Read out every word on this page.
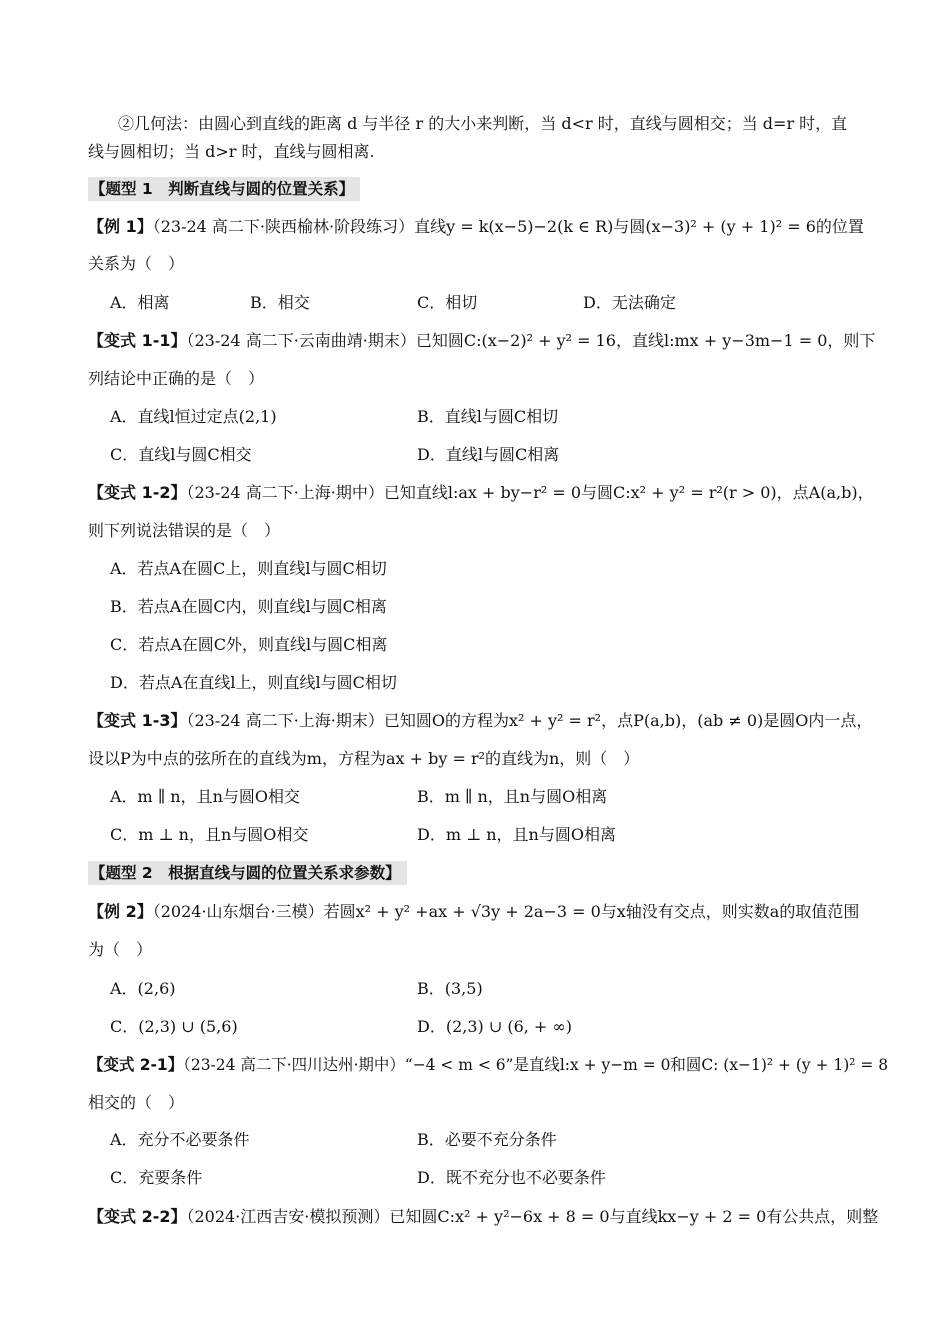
②几何法：由圆心到直线的距离 d 与半径 r 的大小来判断，当 d<r 时，直线与圆相交；当 d=r 时，直
线与圆相切；当 d>r 时，直线与圆相离.
【题型 1　判断直线与圆的位置关系】
【例 1】（23-24 高二下·陕西榆林·阶段练习）直线y = k(x−5)−2(k ∈ R)与圆(x−3)² + (y + 1)² = 6的位置
关系为（　）
A．相离	B．相交	C．相切	D．无法确定
【变式 1-1】（23-24 高二下·云南曲靖·期末）已知圆C:(x−2)² + y² = 16，直线l:mx + y−3m−1 = 0，则下
列结论中正确的是（　）
A．直线l恒过定点(2,1)	B．直线l与圆C相切
C．直线l与圆C相交	D．直线l与圆C相离
【变式 1-2】（23-24 高二下·上海·期中）已知直线l:ax + by−r² = 0与圆C:x² + y² = r²(r > 0)，点A(a,b)，
则下列说法错误的是（　）
A．若点A在圆C上，则直线l与圆C相切
B．若点A在圆C内，则直线l与圆C相离
C．若点A在圆C外，则直线l与圆C相离
D．若点A在直线l上，则直线l与圆C相切
【变式 1-3】（23-24 高二下·上海·期末）已知圆O的方程为x² + y² = r²，点P(a,b)，(ab ≠ 0)是圆O内一点，
设以P为中点的弦所在的直线为m，方程为ax + by = r²的直线为n，则（　）
A．m ∥ n，且n与圆O相交	B．m ∥ n，且n与圆O相离
C．m ⊥ n，且n与圆O相交	D．m ⊥ n，且n与圆O相离
【题型 2　根据直线与圆的位置关系求参数】
【例 2】（2024·山东烟台·三模）若圆x² + y² +ax + √3y + 2a−3 = 0与x轴没有交点，则实数a的取值范围
为（　）
A．(2,6)	B．(3,5)
C．(2,3) ∪ (5,6)	D．(2,3) ∪ (6, + ∞)
【变式 2-1】（23-24 高二下·四川达州·期中）“−4 < m < 6”是直线l:x + y−m = 0和圆C: (x−1)² + (y + 1)² = 8
相交的（　）
A．充分不必要条件	B．必要不充分条件
C．充要条件	D．既不充分也不必要条件
【变式 2-2】（2024·江西吉安·模拟预测）已知圆C:x² + y²−6x + 8 = 0与直线kx−y + 2 = 0有公共点，则整
